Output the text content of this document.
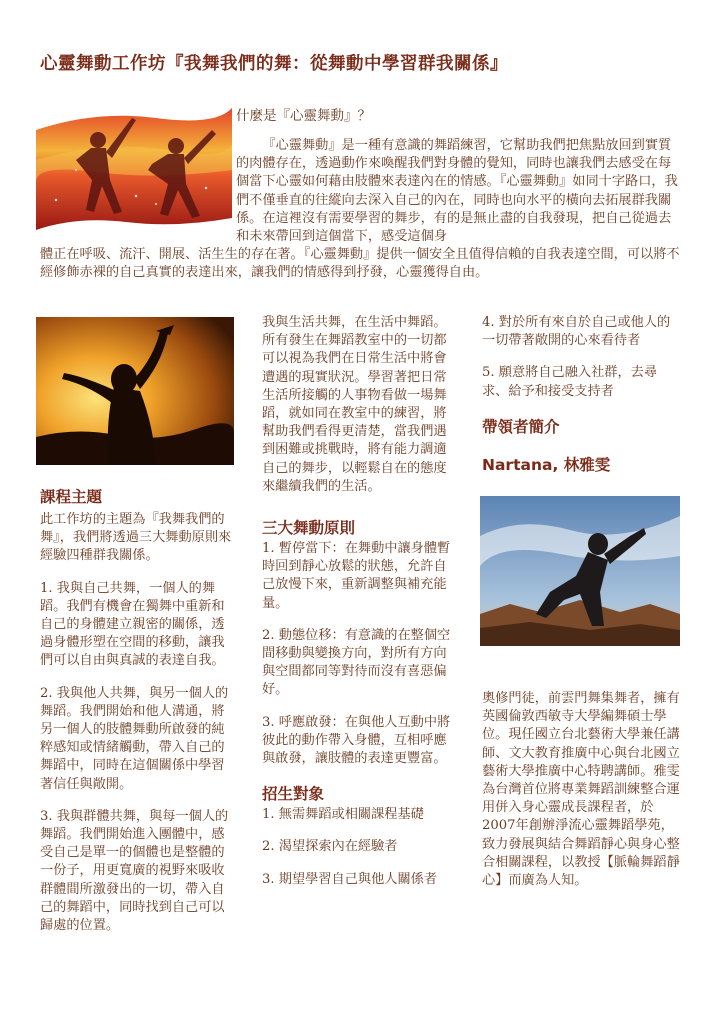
心靈舞動工作坊『我舞我們的舞：從舞動中學習群我關係』
什麼是『心靈舞動』？
『心靈舞動』是一種有意識的舞蹈練習，它幫助我們把焦點放回到實質的肉體存在，透過動作來喚醒我們對身體的覺知，同時也讓我們去感受在每個當下心靈如何藉由肢體來表達內在的情感。『心靈舞動』如同十字路口，我們不僅垂直的往縱向去深入自己的內在，同時也向水平的橫向去拓展群我關係。在這裡沒有需要學習的舞步，有的是無止盡的自我發現，把自己從過去和未來帶回到這個當下，感受這個身
體正在呼吸、流汗、開展、活生生的存在著。『心靈舞動』提供一個安全且值得信賴的自我表達空間，可以將不經修飾赤裸的自己真實的表達出來，讓我們的情感得到抒發，心靈獲得自由。
課程主題
此工作坊的主題為『我舞我們的舞』，我們將透過三大舞動原則來經驗四種群我關係。
1. 我與自己共舞，一個人的舞蹈。我們有機會在獨舞中重新和自己的身體建立親密的關係，透過身體形塑在空間的移動，讓我們可以自由與真誠的表達自我。
2. 我與他人共舞，與另一個人的舞蹈。我們開始和他人溝通，將另一個人的肢體舞動所啟發的純粹感知或情緒觸動，帶入自己的舞蹈中，同時在這個關係中學習著信任與敞開。
3. 我與群體共舞，與每一個人的舞蹈。我們開始進入團體中，感受自己是單一的個體也是整體的一份子，用更寬廣的視野來吸收群體間所激發出的一切，帶入自己的舞蹈中，同時找到自己可以歸處的位置。
我與生活共舞，在生活中舞蹈。所有發生在舞蹈教室中的一切都可以視為我們在日常生活中將會遭遇的現實狀況。學習著把日常生活所接觸的人事物看做一場舞蹈，就如同在教室中的練習，將幫助我們看得更清楚，當我們遇到困難或挑戰時，將有能力調適自己的舞步，以輕鬆自在的態度來繼續我們的生活。
三大舞動原則
1. 暫停當下：在舞動中讓身體暫時回到靜心放鬆的狀態，允許自己放慢下來，重新調整與補充能量。
2. 動態位移：有意識的在整個空間移動與變換方向，對所有方向與空間都同等對待而沒有喜惡偏好。
3. 呼應啟發：在與他人互動中將彼此的動作帶入身體，互相呼應與啟發，讓肢體的表達更豐富。
招生對象
1. 無需舞蹈或相關課程基礎
2. 渴望探索內在經驗者
3. 期望學習自己與他人關係者
4. 對於所有來自於自己或他人的一切帶著敞開的心來看待者
5. 願意將自己融入社群，去尋求、給予和接受支持者
帶領者簡介
Nartana, 林雅雯
奧修門徒，前雲門舞集舞者，擁有英國倫敦西敏寺大學編舞碩士學位。現任國立台北藝術大學兼任講師、文大教育推廣中心與台北國立藝術大學推廣中心特聘講師。雅雯為台灣首位將專業舞蹈訓練整合運用併入身心靈成長課程者，於2007年創辦淨流心靈舞蹈學苑，致力發展與結合舞蹈靜心與身心整合相關課程，以教授【脈輪舞蹈靜心】而廣為人知。
